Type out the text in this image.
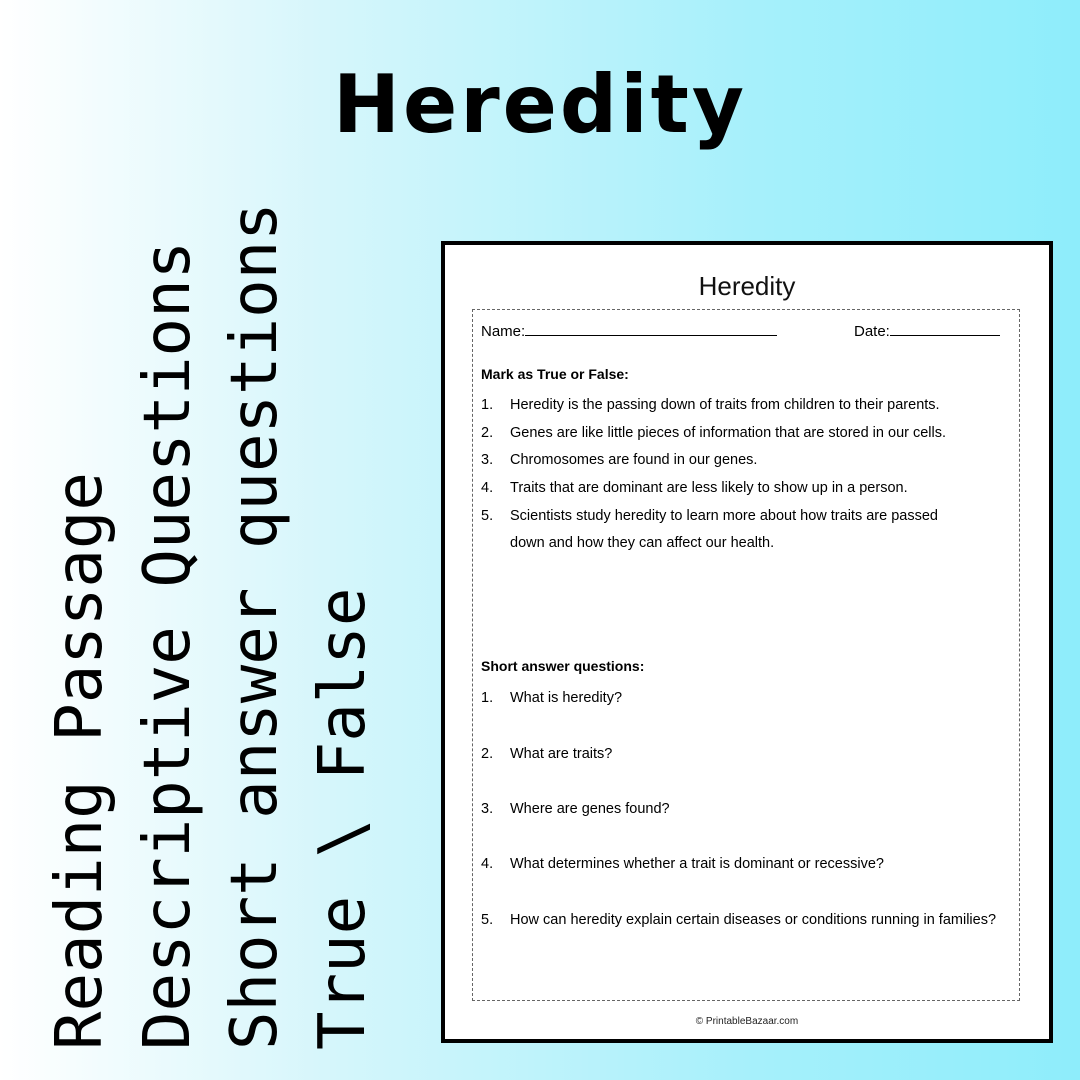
Heredity
Reading Passage Descriptive Questions Short answer questions True \ False
Heredity
Name:	Date:
Mark as True or False:
1.	Heredity is the passing down of traits from children to their parents.
2.	Genes are like little pieces of information that are stored in our cells.
3.	Chromosomes are found in our genes.
4.	Traits that are dominant are less likely to show up in a person.
5.	Scientists study heredity to learn more about how traits are passed down and how they can affect our health.
Short answer questions:
1.	What is heredity?
2.	What are traits?
3.	Where are genes found?
4.	What determines whether a trait is dominant or recessive?
5.	How can heredity explain certain diseases or conditions running in families?
© PrintableBazaar.com
